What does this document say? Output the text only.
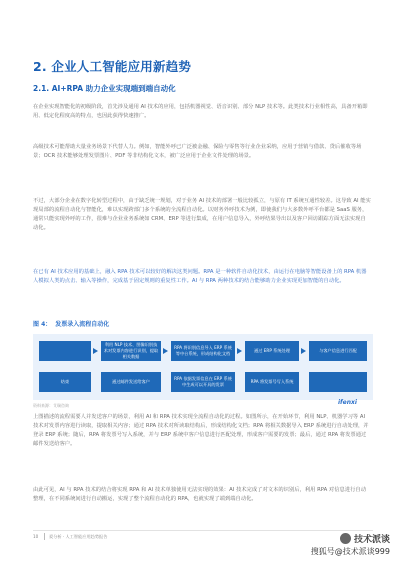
2. 企业人工智能应用新趋势
2.1. AI+RPA 助力企业实现端到端自动化

在企业实现智能化的初级阶段，首先涉及通用 AI 技术的应用，包括机器视觉、语音识别、部分 NLP 技术等。此类技术行业相性高，具备开箱即用、低定化程度高的特点，也因此获得快速推广。

高级技术可能帮助大量业务场景下代替人力。例如，智能外呼已广泛被金融、保险与零售等行业企业采纳，应用于营销与借款、贷后催收等场景；OCR 技术能够处理发票图片、PDF 等非结构化文本，被广泛应用于企业文件处理的场景。

不过，大部分企业在数字化转型过程中，由于缺乏统一规划，对于业务 AI 技术的部署一般比较孤立，与原有 IT 系统互通性较差。这导致 AI 能实现局部的流程自动化与智能化，难以实现跨部门多个系统的全流程自动化。以财务外呼技术为例，即使我们与大多数外呼平台都是 SaaS 服务，通常只能实现外呼的工作，很难与企业业务系统如 CRM、ERP 等进行集成，在用户信息导入，外呼结果导出以及客户回访跟踪方面无法实现自动化。

在已有 AI 技术应用的基础上，融入 RPA 技术可以较好的解决这类问题。RPA 是一种软件自动化技术，由运行在电脑等智能设备上的 RPA 机器人模拟人类的点击、输入等操作，完成基于固定规则的重复性工作。AI 与 RPA 两种技术的结合能够助力企业实现更加智能的自动化。

图 4： 发票录入流程自动化
利用 NLP 技术、图像识别技术对发票内容进行识别，提取相关数据
RPA 将识别信息导入 ERP 系统等中台系统，形成结构化文档
通过 ERP 系统处理	与客户信息进行匹配
结束	通过邮件发送给客户
RPA 依据发票信息在 ERP 系统中生成可以开具的发票
RPA 将发票号写入系统
资料来源：艾瑞咨询	ifenxi

上图描述的流程需要人并发送客户的场景，利用 AI 和 RPA 技术实现全流程自动化的过程。如图所示，在开始环节，利用 NLP、机器学习等 AI 技术对发票内容进行读取，提取相关内容；通过 RPA 技术对所读取结构后，形成结构化文档；RPA 将相关数据导入 ERP 系统进行自动处理，并登录 ERP 系统；随后，RPA 将发票号写入系统，并与 ERP 系统中客户信息进行匹配处理，形成客户需要的发票；最后，通过 RPA 将发票通过邮件发送给客户。

由此可见，AI 与 RPA 技术的结合将实现 RPA 和 AI 技术单独使用无法实现的效果：AI 技术完成了对文本的识别后，利用 RPA 对信息进行自动整理，在不同系统间进行自动搬运，实现了整个流程自动化的 RPA，也就实现了端到端自动化。

10	爱分析 · 人工智能应用趋势报告	技术派谈
搜狐号@技术派谈999
